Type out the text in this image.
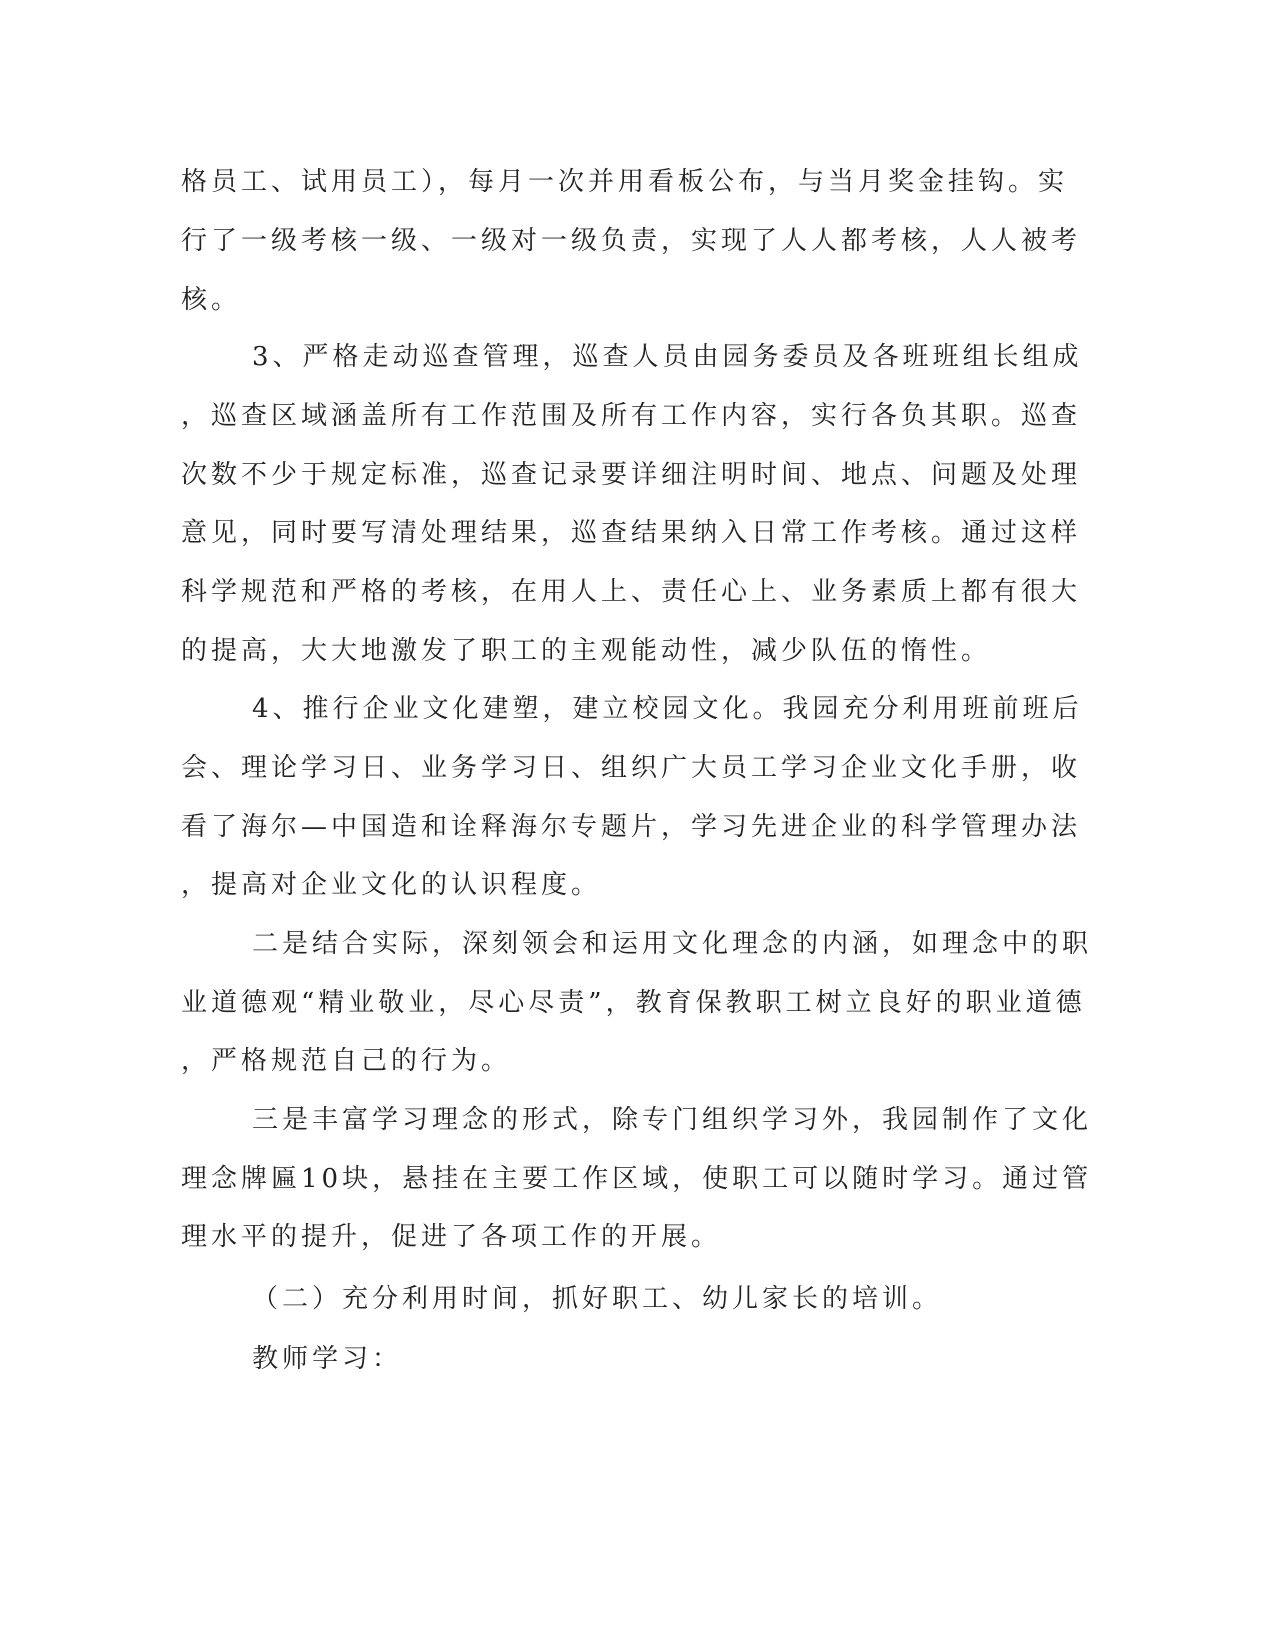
格员工、试用员工），每月一次并用看板公布，与当月奖金挂钩。实
行了一级考核一级、一级对一级负责，实现了人人都考核，人人被考
核。
3、严格走动巡查管理，巡查人员由园务委员及各班班组长组成
，巡查区域涵盖所有工作范围及所有工作内容，实行各负其职。巡查
次数不少于规定标准，巡查记录要详细注明时间、地点、问题及处理
意见，同时要写清处理结果，巡查结果纳入日常工作考核。通过这样
科学规范和严格的考核，在用人上、责任心上、业务素质上都有很大
的提高，大大地激发了职工的主观能动性，减少队伍的惰性。
4、推行企业文化建塑，建立校园文化。我园充分利用班前班后
会、理论学习日、业务学习日、组织广大员工学习企业文化手册，收
看了海尔—中国造和诠释海尔专题片，学习先进企业的科学管理办法
，提高对企业文化的认识程度。
二是结合实际，深刻领会和运用文化理念的内涵，如理念中的职
业道德观“精业敬业，尽心尽责”，教育保教职工树立良好的职业道德
，严格规范自己的行为。
三是丰富学习理念的形式，除专门组织学习外，我园制作了文化
理念牌匾10块，悬挂在主要工作区域，使职工可以随时学习。通过管
理水平的提升，促进了各项工作的开展。
（二）充分利用时间，抓好职工、幼儿家长的培训。
教师学习：
